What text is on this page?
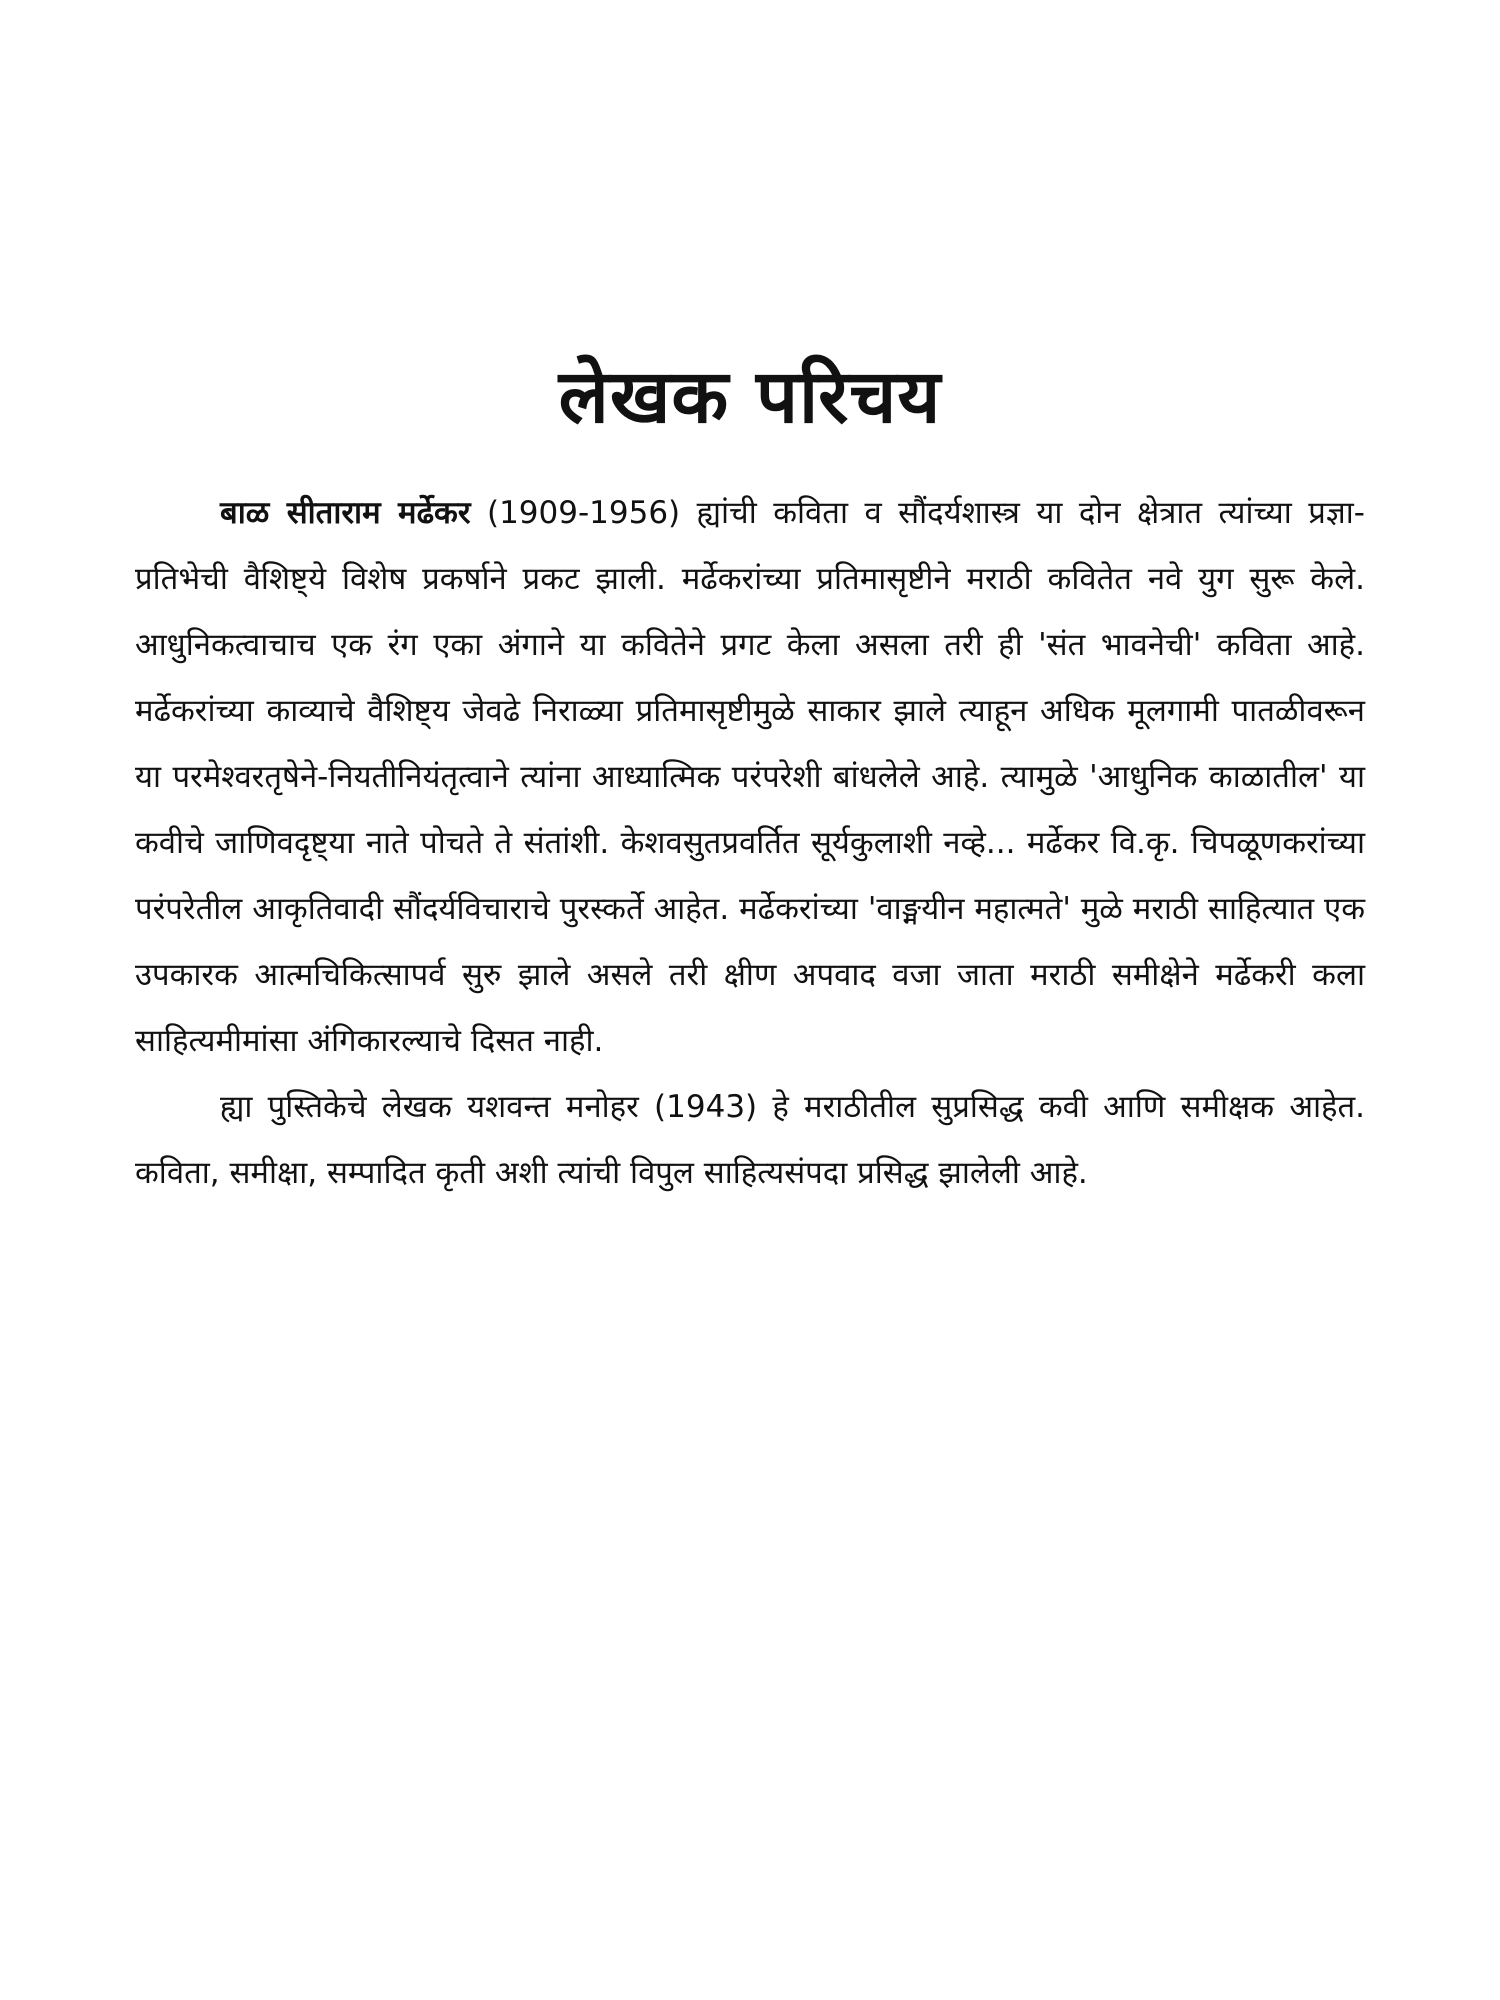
लेखक परिचय

बाळ सीताराम मर्ढेकर (1909-1956) ह्यांची कविता व सौंदर्यशास्त्र या दोन क्षेत्रात त्यांच्या प्रज्ञा-प्रतिभेची वैशिष्ट्ये विशेष प्रकर्षाने प्रकट झाली. मर्ढेकरांच्या प्रतिमासृष्टीने मराठी कवितेत नवे युग सुरू केले. आधुनिकत्वाचाच एक रंग एका अंगाने या कवितेने प्रगट केला असला तरी ही 'संत भावनेची' कविता आहे. मर्ढेकरांच्या काव्याचे वैशिष्ट्य जेवढे निराळ्या प्रतिमासृष्टीमुळे साकार झाले त्याहून अधिक मूलगामी पातळीवरून या परमेश्वरतृषेने-नियतीनियंतृत्वाने त्यांना आध्यात्मिक परंपरेशी बांधलेले आहे. त्यामुळे 'आधुनिक काळातील' या कवीचे जाणिवदृष्ट्या नाते पोचते ते संतांशी. केशवसुतप्रवर्तित सूर्यकुलाशी नव्हे... मर्ढेकर वि.कृ. चिपळूणकरांच्या परंपरेतील आकृतिवादी सौंदर्यविचाराचे पुरस्कर्ते आहेत. मर्ढेकरांच्या 'वाङ्मयीन महात्मते' मुळे मराठी साहित्यात एक उपकारक आत्मचिकित्सापर्व सुरु झाले असले तरी क्षीण अपवाद वजा जाता मराठी समीक्षेने मर्ढेकरी कला साहित्यमीमांसा अंगिकारल्याचे दिसत नाही.

ह्या पुस्तिकेचे लेखक यशवन्त मनोहर (1943) हे मराठीतील सुप्रसिद्ध कवी आणि समीक्षक आहेत. कविता, समीक्षा, सम्पादित कृती अशी त्यांची विपुल साहित्यसंपदा प्रसिद्ध झालेली आहे.
